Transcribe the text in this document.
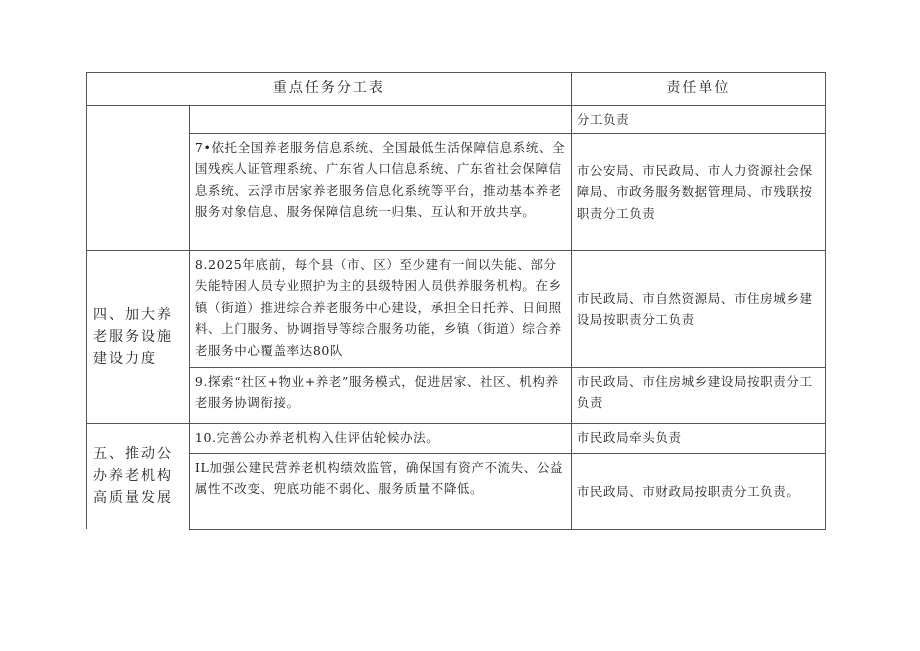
重点任务分工表		责任单位
		分工负责
	7•依托全国养老服务信息系统、全国最低生活保障信息系统、全国残疾人证管理系统、广东省人口信息系统、广东省社会保障信息系统、云浮市居家养老服务信息化系统等平台，推动基本养老服务对象信息、服务保障信息统一归集、互认和开放共享。	市公安局、市民政局、市人力资源社会保障局、市政务服务数据管理局、市残联按职责分工负责
四、加大养老服务设施建设力度	8.2025年底前，每个县（市、区）至少建有一间以失能、部分失能特困人员专业照护为主的县级特困人员供养服务机构。在乡镇（街道）推进综合养老服务中心建设，承担全日托养、日间照料、上门服务、协调指导等综合服务功能，乡镇（街道）综合养老服务中心覆盖率达80队	市民政局、市自然资源局、市住房城乡建设局按职责分工负责
	9.探索“社区+物业+养老”服务模式，促进居家、社区、机构养老服务协调衔接。	市民政局、市住房城乡建设局按职责分工负责
五、推动公办养老机构高质量发展	10.完善公办养老机构入住评估轮候办法。	市民政局牵头负责
	IL加强公建民营养老机构绩效监管，确保国有资产不流失、公益属性不改变、兜底功能不弱化、服务质量不降低。	市民政局、市财政局按职责分工负责。
